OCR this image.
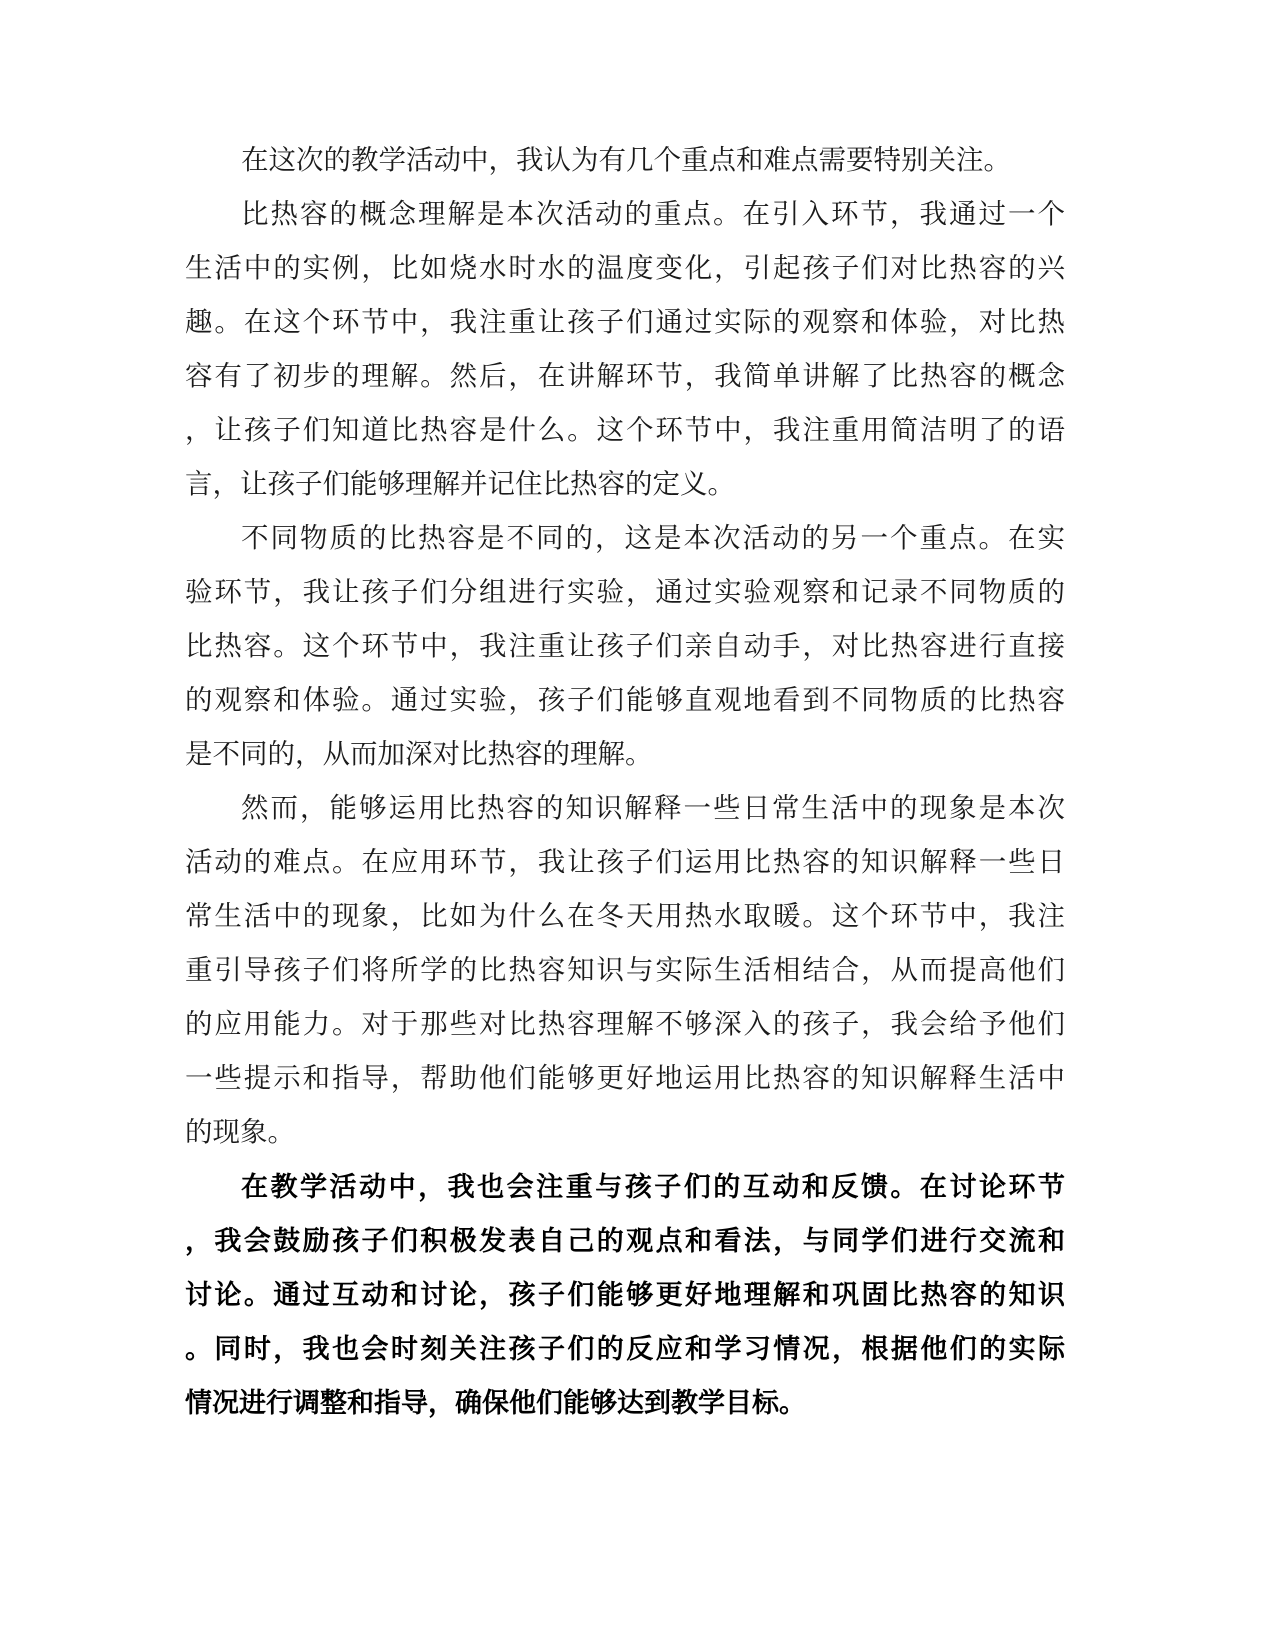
在这次的教学活动中，我认为有几个重点和难点需要特别关注。
比热容的概念理解是本次活动的重点。在引入环节，我通过一个
生活中的实例，比如烧水时水的温度变化，引起孩子们对比热容的兴
趣。在这个环节中，我注重让孩子们通过实际的观察和体验，对比热
容有了初步的理解。然后，在讲解环节，我简单讲解了比热容的概念
，让孩子们知道比热容是什么。这个环节中，我注重用简洁明了的语
言，让孩子们能够理解并记住比热容的定义。
不同物质的比热容是不同的，这是本次活动的另一个重点。在实
验环节，我让孩子们分组进行实验，通过实验观察和记录不同物质的
比热容。这个环节中，我注重让孩子们亲自动手，对比热容进行直接
的观察和体验。通过实验，孩子们能够直观地看到不同物质的比热容
是不同的，从而加深对比热容的理解。
然而，能够运用比热容的知识解释一些日常生活中的现象是本次
活动的难点。在应用环节，我让孩子们运用比热容的知识解释一些日
常生活中的现象，比如为什么在冬天用热水取暖。这个环节中，我注
重引导孩子们将所学的比热容知识与实际生活相结合，从而提高他们
的应用能力。对于那些对比热容理解不够深入的孩子，我会给予他们
一些提示和指导，帮助他们能够更好地运用比热容的知识解释生活中
的现象。
在教学活动中，我也会注重与孩子们的互动和反馈。在讨论环节
，我会鼓励孩子们积极发表自己的观点和看法，与同学们进行交流和
讨论。通过互动和讨论，孩子们能够更好地理解和巩固比热容的知识
。同时，我也会时刻关注孩子们的反应和学习情况，根据他们的实际
情况进行调整和指导，确保他们能够达到教学目标。
